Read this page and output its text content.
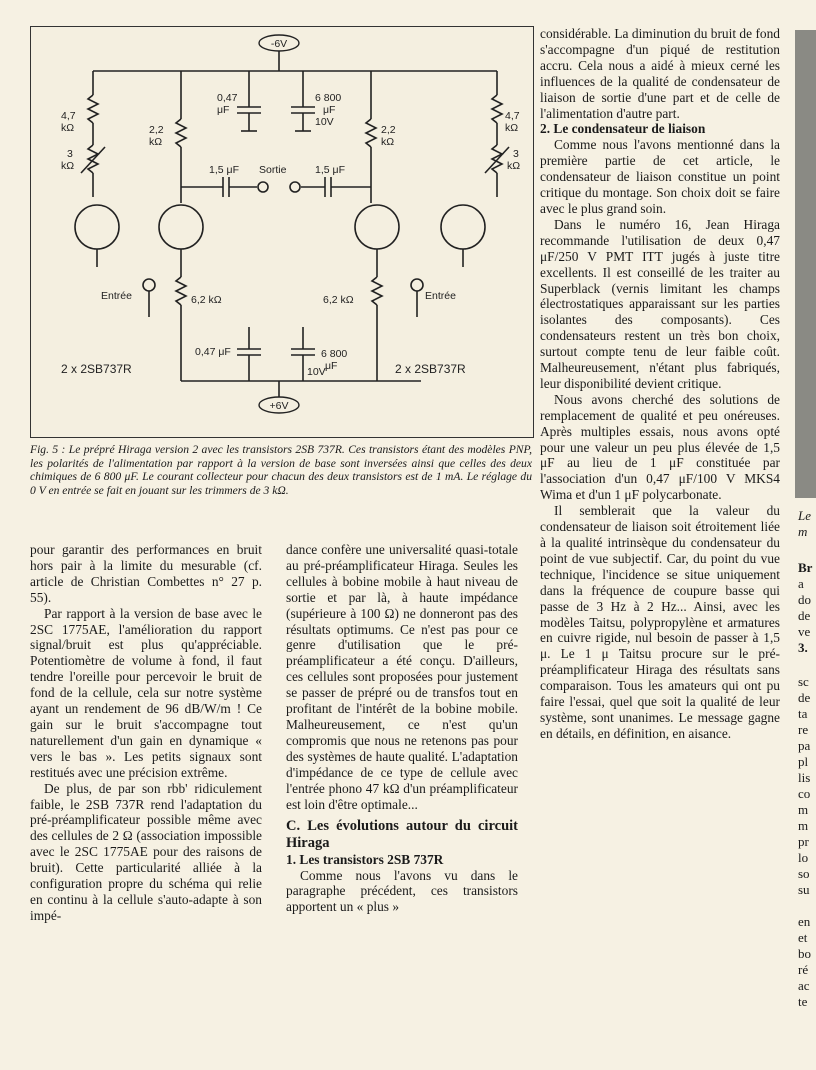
-6V
+6V
4,7
kΩ
3
kΩ
2,2
kΩ
0,47
μF
6 800
μF
10V
2,2
kΩ
4,7
kΩ
3
kΩ
1,5 μF Sortie	1,5 μF
Entrée	Entrée
6,2 kΩ	6,2 kΩ
0,47 μF	6 800
10V μF
2 x 2SB737R	2 x 2SB737R
Fig. 5 : Le prépré Hiraga version 2 avec les transistors 2SB 737R. Ces transistors étant des modèles PNP, les polarités de l'alimentation par rapport à la version de base sont inversées ainsi que celles des deux chimiques de 6 800 μF. Le courant collecteur pour chacun des deux transistors est de 1 mA. Le réglage du 0 V en entrée se fait en jouant sur les trimmers de 3 kΩ.

pour garantir des performances en bruit hors pair à la limite du mesurable (cf. article de Christian Combettes n° 27 p. 55).

Par rapport à la version de base avec le 2SC 1775AE, l'amélioration du rapport signal/bruit est plus qu'appréciable. Potentiomètre de volume à fond, il faut tendre l'oreille pour percevoir le bruit de fond de la cellule, cela sur notre système ayant un rendement de 96 dB/W/m ! Ce gain sur le bruit s'accompagne tout naturellement d'un gain en dynamique « vers le bas ». Les petits signaux sont restitués avec une précision extrême.

De plus, de par son rbb' ridiculement faible, le 2SB 737R rend l'adaptation du pré-préamplificateur possible même avec des cellules de 2 Ω (association impossible avec le 2SC 1775AE pour des raisons de bruit). Cette particularité alliée à la configuration propre du schéma qui relie en continu à la cellule s'auto-adapte à son impé-

dance confère une universalité quasi-totale au pré-préamplificateur Hiraga. Seules les cellules à bobine mobile à haut niveau de sortie et par là, à haute impédance (supérieure à 100 Ω) ne donneront pas des résultats optimums. Ce n'est pas pour ce genre d'utilisation que le pré-préamplificateur a été conçu. D'ailleurs, ces cellules sont proposées pour justement se passer de prépré ou de transfos tout en profitant de l'intérêt de la bobine mobile. Malheureusement, ce n'est qu'un compromis que nous ne retenons pas pour des systèmes de haute qualité. L'adaptation d'impédance de ce type de cellule avec l'entrée phono 47 kΩ d'un préamplificateur est loin d'être optimale...

C. Les évolutions autour du circuit Hiraga
1. Les transistors 2SB 737R

Comme nous l'avons vu dans le paragraphe précédent, ces transistors apportent un « plus »

considérable. La diminution du bruit de fond s'accompagne d'un piqué de restitution accru. Cela nous a aidé à mieux cerné les influences de la qualité de condensateur de liaison de sortie d'une part et de celle de l'alimentation d'autre part.

2. Le condensateur de liaison

Comme nous l'avons mentionné dans la première partie de cet article, le condensateur de liaison constitue un point critique du montage. Son choix doit se faire avec le plus grand soin.

Dans le numéro 16, Jean Hiraga recommande l'utilisation de deux 0,47 μF/250 V PMT ITT jugés à juste titre excellents. Il est conseillé de les traiter au Superblack (vernis limitant les champs électrostatiques apparaissant sur les parties isolantes des composants). Ces condensateurs restent un très bon choix, surtout compte tenu de leur faible coût. Malheureusement, n'étant plus fabriqués, leur disponibilité devient critique.

Nous avons cherché des solutions de remplacement de qualité et peu onéreuses. Après multiples essais, nous avons opté pour une valeur un peu plus élevée de 1,5 μF au lieu de 1 μF constituée par l'association d'un 0,47 μF/100 V MKS4 Wima et d'un 1 μF polycarbonate.

Il semblerait que la valeur du condensateur de liaison soit étroitement liée à la qualité intrinsèque du condensateur du point de vue subjectif. Car, du point du vue technique, l'incidence se situe uniquement dans la fréquence de coupure basse qui passe de 3 Hz à 2 Hz... Ainsi, avec les modèles Taitsu, polypropylène et armatures en cuivre rigide, nul besoin de passer à 1,5 μ. Le 1 μ Taitsu procure sur le pré-préamplificateur Hiraga des résultats sans comparaison. Tous les amateurs qui ont pu faire l'essai, quel que soit la qualité de leur système, sont unanimes. Le message gagne en détails, en définition, en aisance.

Le
m
Br
a
do
de
ve
3.
sc
de
ta
re
pa
pl
lis
co
m
m
pr
lo
so
su
en
et
bo
ré
ac
te
